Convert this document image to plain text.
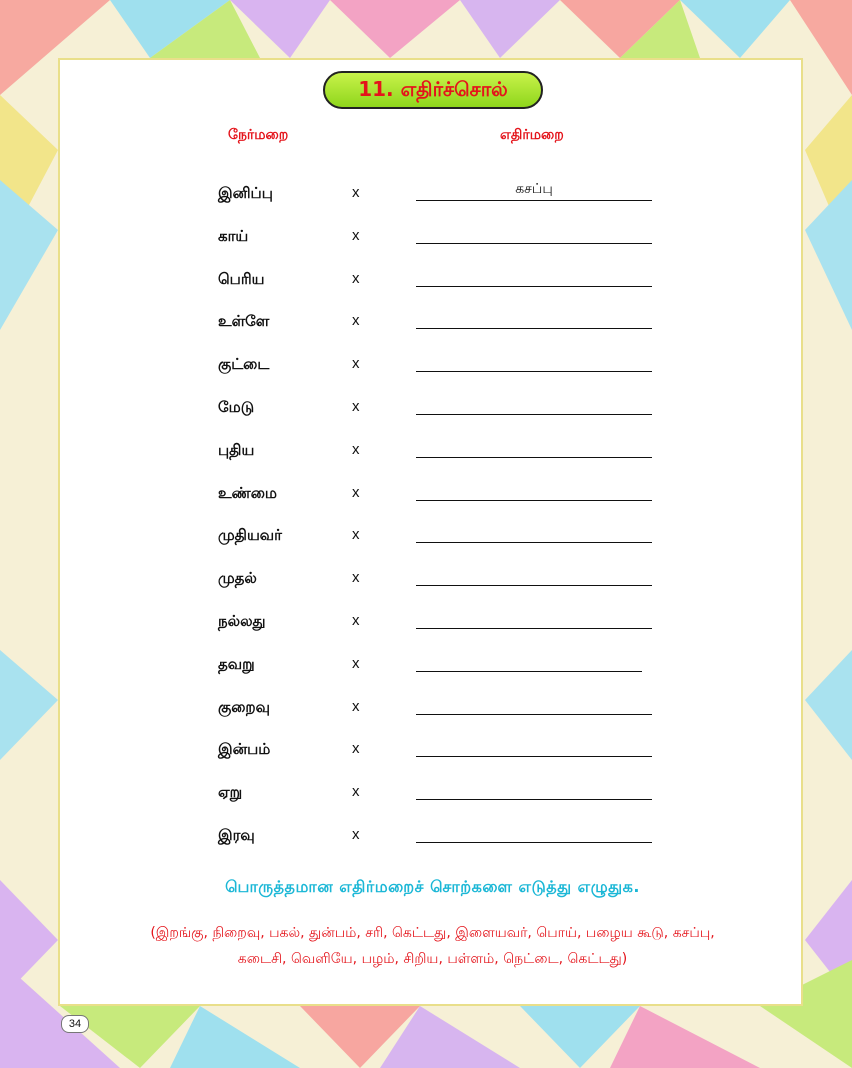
11. எதிர்ச்சொல்
நேர்மறை	எதிர்மறை
இனிப்பு	x	கசப்பு
காய்	x
பெரிய	x
உள்ளே	x
குட்டை	x
மேடு	x
புதிய	x
உண்மை	x
முதியவர்	x
முதல்	x
நல்லது	x
தவறு	x
குறைவு	x
இன்பம்	x
ஏறு	x
இரவு	x
பொருத்தமான எதிர்மறைச் சொற்களை எடுத்து எழுதுக.
(இறங்கு, நிறைவு, பகல், துன்பம், சரி, கெட்டது, இளையவர், பொய், பழைய கூடு, கசப்பு,
கடைசி, வெளியே, பழம், சிறிய, பள்ளம், நெட்டை, கெட்டது)
34
